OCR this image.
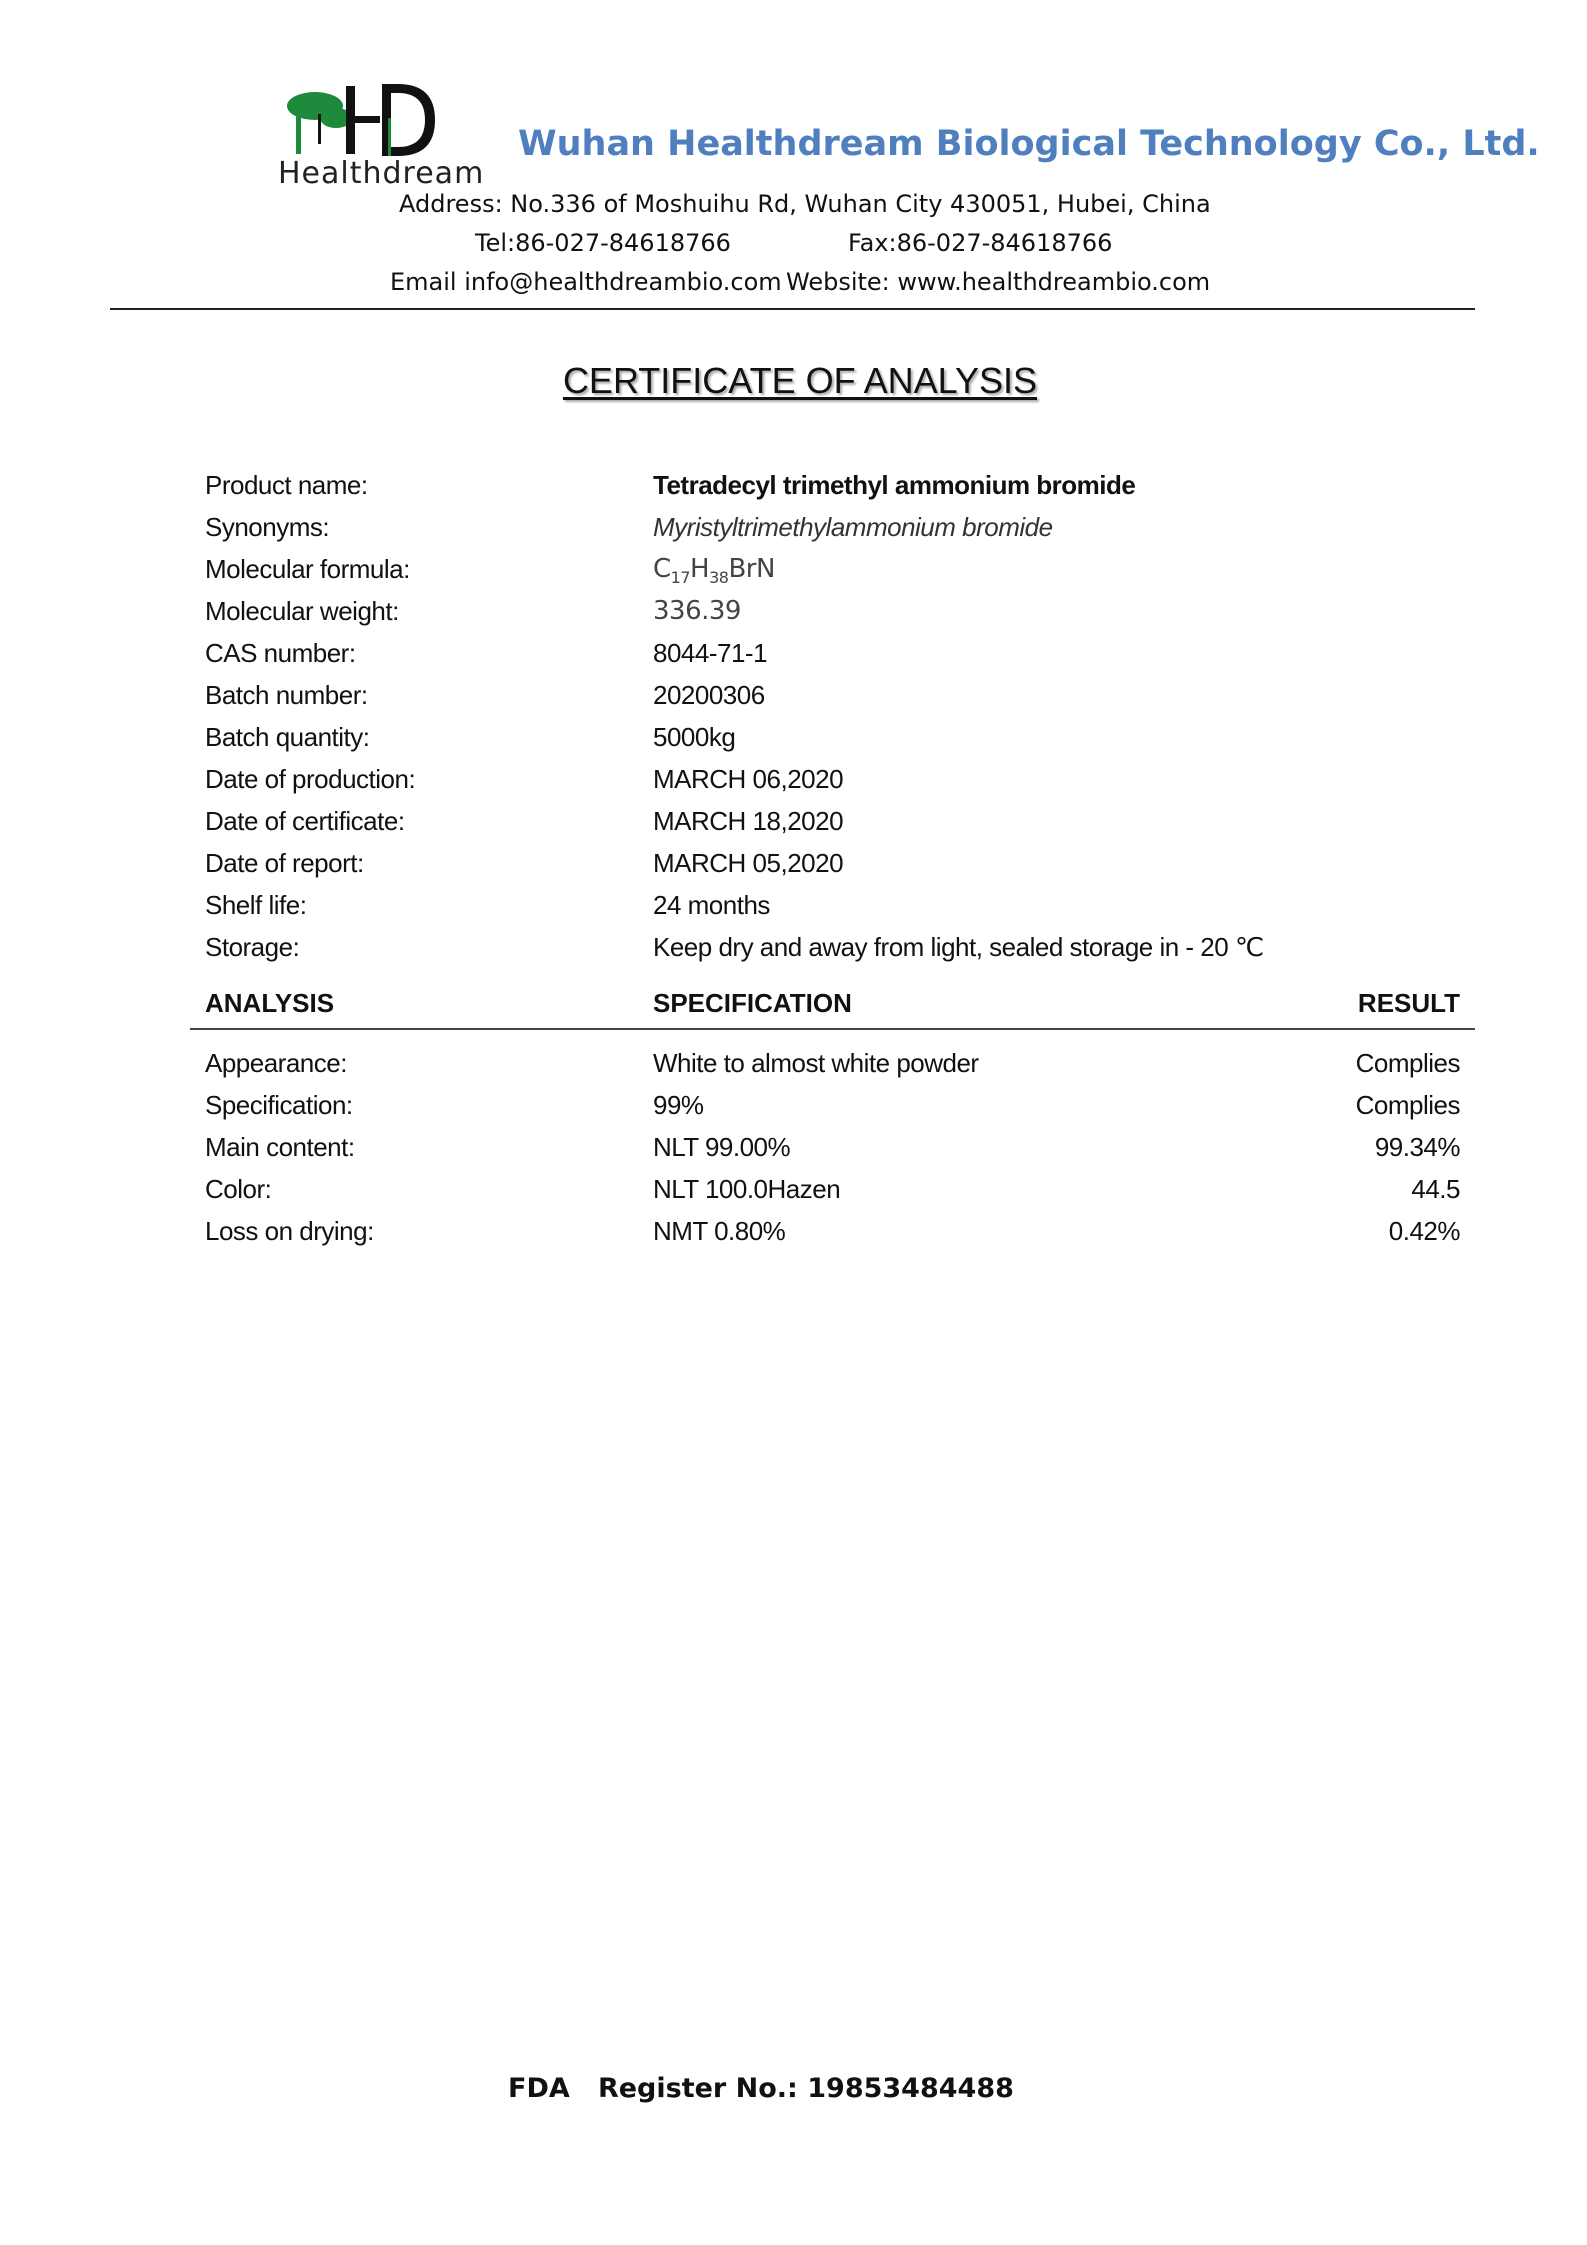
Healthdream
Wuhan Healthdream Biological Technology Co., Ltd.
Address: No.336 of Moshuihu Rd, Wuhan City 430051, Hubei, China
Tel:86-027-84618766	Fax:86-027-84618766
Email info@healthdreambio.com Website: www.healthdreambio.com
CERTIFICATE OF ANALYSIS
Product name:	Tetradecyl trimethyl ammonium bromide
Synonyms:	Myristyltrimethylammonium bromide
Molecular formula:	$C_{17}H_{38}BrN$
Molecular weight:	336.39
CAS number:	8044-71-1
Batch number:	20200306
Batch quantity:	5000kg
Date of production:	MARCH 06,2020
Date of certificate:	MARCH 18,2020
Date of report:	MARCH 05,2020
Shelf life:	24 months
Storage:	Keep dry and away from light, sealed storage in - 20 ℃
ANALYSIS	SPECIFICATION	RESULT
Appearance:	White to almost white powder	Complies
Specification:	99%	Complies
Main content:	NLT 99.00%	99.34%
Color:	NLT 100.0Hazen	44.5
Loss on drying:	NMT 0.80%	0.42%
FDA   Register No.: 19853484488
